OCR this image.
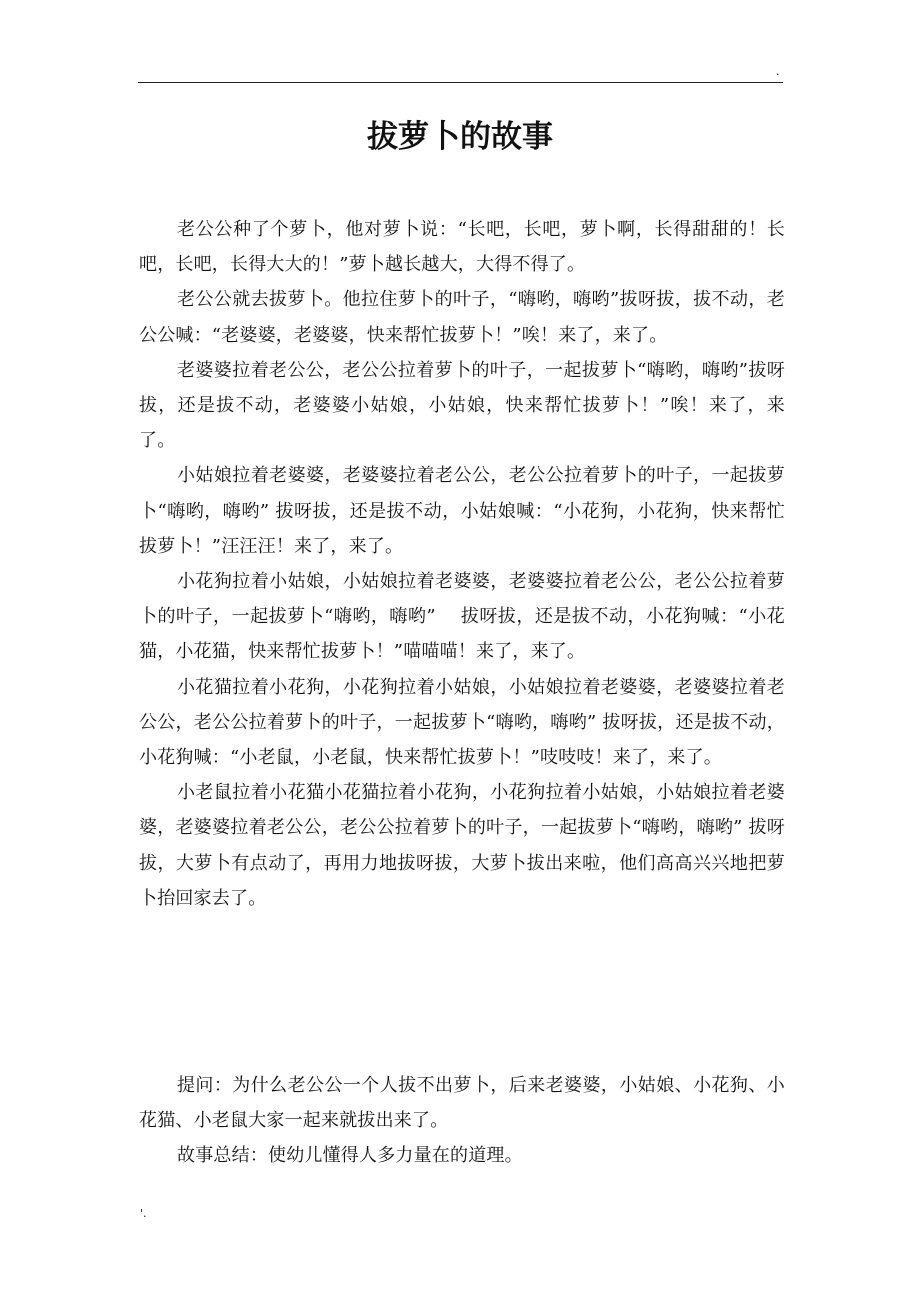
.
拔萝卜的故事

老公公种了个萝卜，他对萝卜说：“长吧，长吧，萝卜啊，长得甜甜的！长吧，长吧，长得大大的！”萝卜越长越大，大得不得了。

老公公就去拔萝卜。他拉住萝卜的叶子，“嗨哟，嗨哟”拔呀拔，拔不动，老公公喊：“老婆婆，老婆婆，快来帮忙拔萝卜！”唉！来了，来了。

老婆婆拉着老公公，老公公拉着萝卜的叶子，一起拔萝卜“嗨哟，嗨哟”拔呀拔，还是拔不动，老婆婆小姑娘，小姑娘，快来帮忙拔萝卜！”唉！来了，来了。

小姑娘拉着老婆婆，老婆婆拉着老公公，老公公拉着萝卜的叶子，一起拔萝卜“嗨哟，嗨哟” 拔呀拔，还是拔不动，小姑娘喊：“小花狗，小花狗，快来帮忙拔萝卜！”汪汪汪！来了，来了。

小花狗拉着小姑娘，小姑娘拉着老婆婆，老婆婆拉着老公公，老公公拉着萝卜的叶子，一起拔萝卜“嗨哟，嗨哟”　 拔呀拔，还是拔不动，小花狗喊：“小花猫，小花猫，快来帮忙拔萝卜！”喵喵喵！来了，来了。

小花猫拉着小花狗，小花狗拉着小姑娘，小姑娘拉着老婆婆，老婆婆拉着老公公，老公公拉着萝卜的叶子，一起拔萝卜“嗨哟，嗨哟” 拔呀拔，还是拔不动，小花狗喊：“小老鼠，小老鼠，快来帮忙拔萝卜！”吱吱吱！来了，来了。

小老鼠拉着小花猫小花猫拉着小花狗，小花狗拉着小姑娘，小姑娘拉着老婆婆，老婆婆拉着老公公，老公公拉着萝卜的叶子，一起拔萝卜“嗨哟，嗨哟” 拔呀拔，大萝卜有点动了，再用力地拔呀拔，大萝卜拔出来啦，他们高高兴兴地把萝卜抬回家去了。

提问：为什么老公公一个人拔不出萝卜，后来老婆婆，小姑娘、小花狗、小花猫、小老鼠大家一起来就拔出来了。

故事总结：使幼儿懂得人多力量在的道理。

'.
